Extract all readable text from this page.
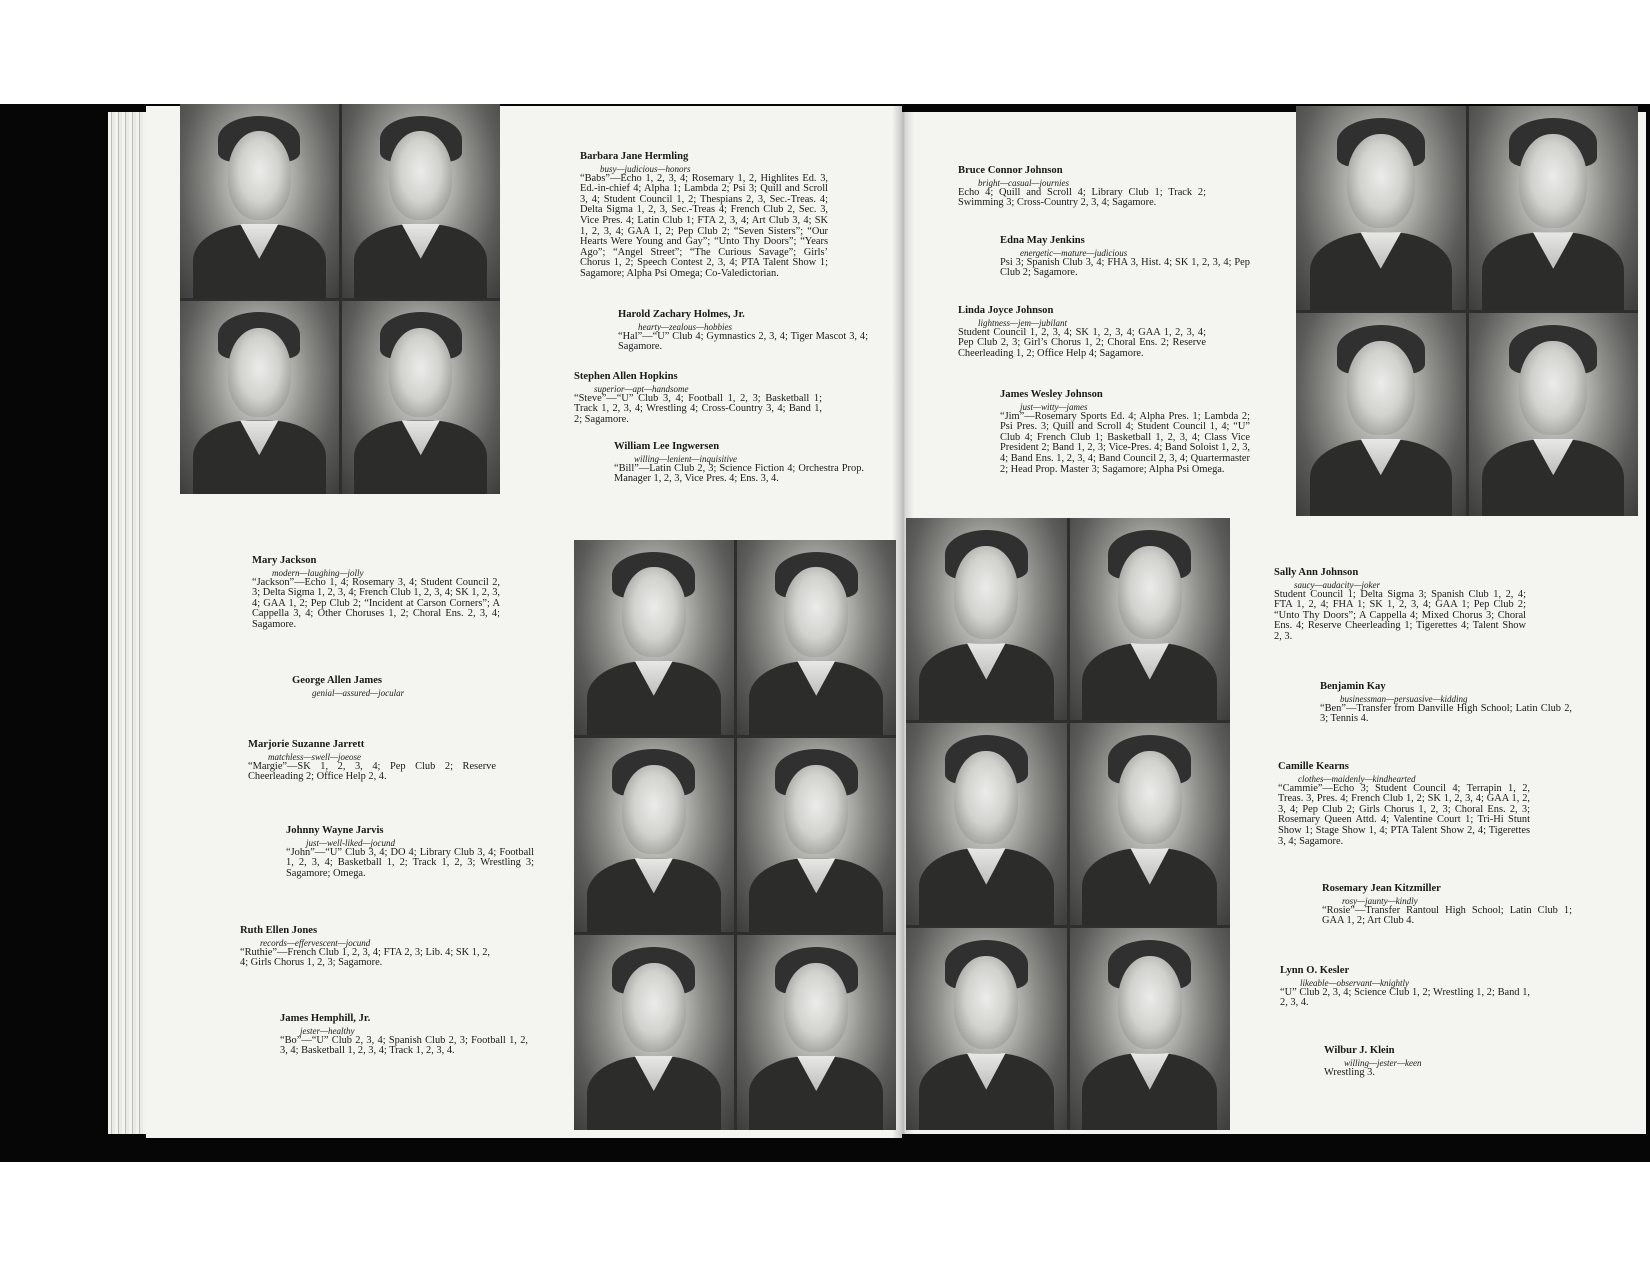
Barbara Jane Hermling
busy—judicious—honors
“Babs”—Echo 1, 2, 3, 4; Rosemary 1, 2, Highlites Ed. 3, Ed.-in-chief 4; Alpha 1; Lambda 2; Psi 3; Quill and Scroll 3, 4; Student Council 1, 2; Thespians 2, 3, Sec.-Treas. 4; Delta Sigma 1, 2, 3, Sec.-Treas 4; French Club 2, Sec. 3, Vice Pres. 4; Latin Club 1; FTA 2, 3, 4; Art Club 3, 4; SK 1, 2, 3, 4; GAA 1, 2; Pep Club 2; “Seven Sisters”; “Our Hearts Were Young and Gay”; “Unto Thy Doors”; “Years Ago”; “Angel Street”; “The Curious Savage”; Girls’ Chorus 1, 2; Speech Contest 2, 3, 4; PTA Talent Show 1; Sagamore; Alpha Psi Omega; Co-Valedictorian.
Harold Zachary Holmes, Jr.
hearty—zealous—hobbies
“Hal”—“U” Club 4; Gymnastics 2, 3, 4; Tiger Mascot 3, 4; Sagamore.
Stephen Allen Hopkins
superior—apt—handsome
“Steve”—“U” Club 3, 4; Football 1, 2, 3; Basketball 1; Track 1, 2, 3, 4; Wrestling 4; Cross-Country 3, 4; Band 1, 2; Sagamore.
William Lee Ingwersen
willing—lenient—inquisitive
“Bill”—Latin Club 2, 3; Science Fiction 4; Orchestra Prop. Manager 1, 2, 3, Vice Pres. 4; Ens. 3, 4.
Mary Jackson
modern—laughing—jolly
“Jackson”—Echo 1, 4; Rosemary 3, 4; Student Council 2, 3; Delta Sigma 1, 2, 3, 4; French Club 1, 2, 3, 4; SK 1, 2, 3, 4; GAA 1, 2; Pep Club 2; “Incident at Carson Corners”; A Cappella 3, 4; Other Choruses 1, 2; Choral Ens. 2, 3, 4; Sagamore.
George Allen James
genial—assured—jocular
Marjorie Suzanne Jarrett
matchless—swell—joeose
“Margie”—SK 1, 2, 3, 4; Pep Club 2; Reserve Cheerleading 2; Office Help 2, 4.
Johnny Wayne Jarvis
just—well-liked—jocund
“John”—“U” Club 3, 4; DO 4; Library Club 3, 4; Football 1, 2, 3, 4; Basketball 1, 2; Track 1, 2, 3; Wrestling 3; Sagamore; Omega.
Ruth Ellen Jones
records—effervescent—jocund
“Ruthie”—French Club 1, 2, 3, 4; FTA 2, 3; Lib. 4; SK 1, 2, 4; Girls Chorus 1, 2, 3; Sagamore.
James Hemphill, Jr.
jester—healthy
“Bo”—“U” Club 2, 3, 4; Spanish Club 2, 3; Football 1, 2, 3, 4; Basketball 1, 2, 3, 4; Track 1, 2, 3, 4.
Bruce Connor Johnson
bright—casual—journies
Echo 4; Quill and Scroll 4; Library Club 1; Track 2; Swimming 3; Cross-Country 2, 3, 4; Sagamore.
Edna May Jenkins
energetic—mature—judicious
Psi 3; Spanish Club 3, 4; FHA 3, Hist. 4; SK 1, 2, 3, 4; Pep Club 2; Sagamore.
Linda Joyce Johnson
lightness—jem—jubilant
Student Council 1, 2, 3, 4; SK 1, 2, 3, 4; GAA 1, 2, 3, 4; Pep Club 2, 3; Girl’s Chorus 1, 2; Choral Ens. 2; Reserve Cheerleading 1, 2; Office Help 4; Sagamore.
James Wesley Johnson
just—witty—james
“Jim”—Rosemary Sports Ed. 4; Alpha Pres. 1; Lambda 2; Psi Pres. 3; Quill and Scroll 4; Student Council 1, 4; “U” Club 4; French Club 1; Basketball 1, 2, 3, 4; Class Vice President 2; Band 1, 2, 3; Vice-Pres. 4; Band Soloist 1, 2, 3, 4; Band Ens. 1, 2, 3, 4; Band Council 2, 3, 4; Quartermaster 2; Head Prop. Master 3; Sagamore; Alpha Psi Omega.
Sally Ann Johnson
saucy—audacity—joker
Student Council 1; Delta Sigma 3; Spanish Club 1, 2, 4; FTA 1, 2, 4; FHA 1; SK 1, 2, 3, 4; GAA 1; Pep Club 2; “Unto Thy Doors”; A Cappella 4; Mixed Chorus 3; Choral Ens. 4; Reserve Cheerleading 1; Tigerettes 4; Talent Show 2, 3.
Benjamin Kay
businessman—persuasive—kidding
“Ben”—Transfer from Danville High School; Latin Club 2, 3; Tennis 4.
Camille Kearns
clothes—maidenly—kindhearted
“Cammie”—Echo 3; Student Council 4; Terrapin 1, 2, Treas. 3, Pres. 4; French Club 1, 2; SK 1, 2, 3, 4; GAA 1, 2, 3, 4; Pep Club 2; Girls Chorus 1, 2, 3; Choral Ens. 2, 3; Rosemary Queen Attd. 4; Valentine Court 1; Tri-Hi Stunt Show 1; Stage Show 1, 4; PTA Talent Show 2, 4; Tigerettes 3, 4; Sagamore.
Rosemary Jean Kitzmiller
rosy—jaunty—kindly
“Rosie”—Transfer Rantoul High School; Latin Club 1; GAA 1, 2; Art Club 4.
Lynn O. Kesler
likeable—observant—knightly
“U” Club 2, 3, 4; Science Club 1, 2; Wrestling 1, 2; Band 1, 2, 3, 4.
Wilbur J. Klein
willing—jester—keen
Wrestling 3.
